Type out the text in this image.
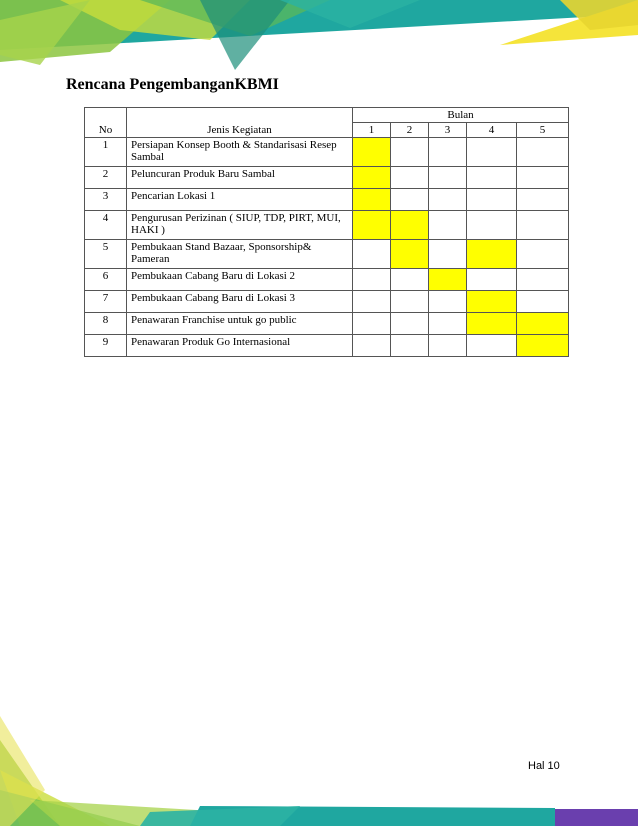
Rencana PengembanganKBMI
		Bulan				
No	Jenis Kegiatan	1	2	3	4	5
1	Persiapan Konsep Booth & Standarisasi Resep Sambal					
2	Peluncuran Produk Baru Sambal					
3	Pencarian Lokasi 1					
4	Pengurusan Perizinan ( SIUP, TDP, PIRT, MUI, HAKI )					
5	Pembukaan Stand Bazaar, Sponsorship& Pameran					
6	Pembukaan Cabang Baru di Lokasi 2					
7	Pembukaan Cabang Baru di Lokasi 3					
8	Penawaran Franchise untuk go public					
9	Penawaran Produk Go Internasional					
Hal 10
